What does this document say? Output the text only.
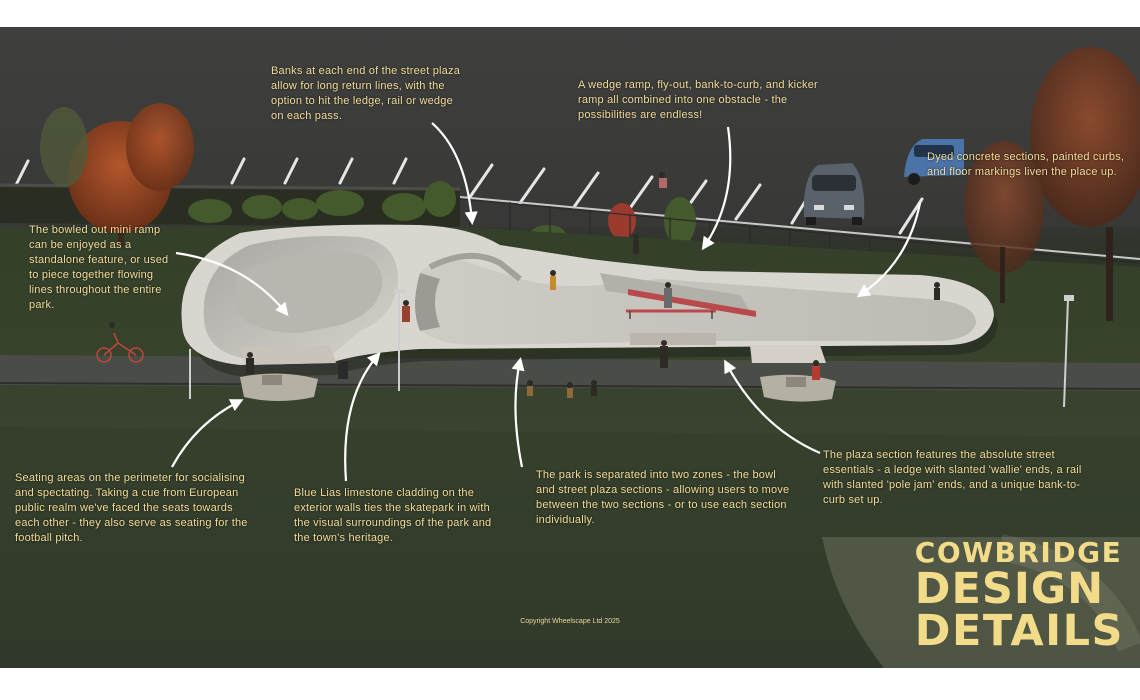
Banks at each end of the street plaza allow for long return lines, with the option to hit the ledge, rail or wedge on each pass.
A wedge ramp, fly-out, bank-to-curb, and kicker ramp all combined into one obstacle - the possibilities are endless!
Dyed concrete sections, painted curbs, and floor markings liven the place up.
The bowled out mini ramp can be enjoyed as a standalone feature, or used to piece together flowing lines throughout the entire park.
Seating areas on the perimeter for socialising and spectating. Taking a cue from European public realm we've faced the seats towards each other - they also serve as seating for the football pitch.
Blue Lias limestone cladding on the exterior walls ties the skatepark in with the visual surroundings of the park and the town's heritage.
The park is separated into two zones - the bowl and street plaza sections - allowing users to move between the two sections - or to use each section individually.
The plaza section features the absolute street essentials - a ledge with slanted 'wallie' ends, a rail with slanted 'pole jam' ends, and a unique bank-to-curb set up.
COWBRIDGE
DESIGN
DETAILS
Copyright Wheelscape Ltd 2025
